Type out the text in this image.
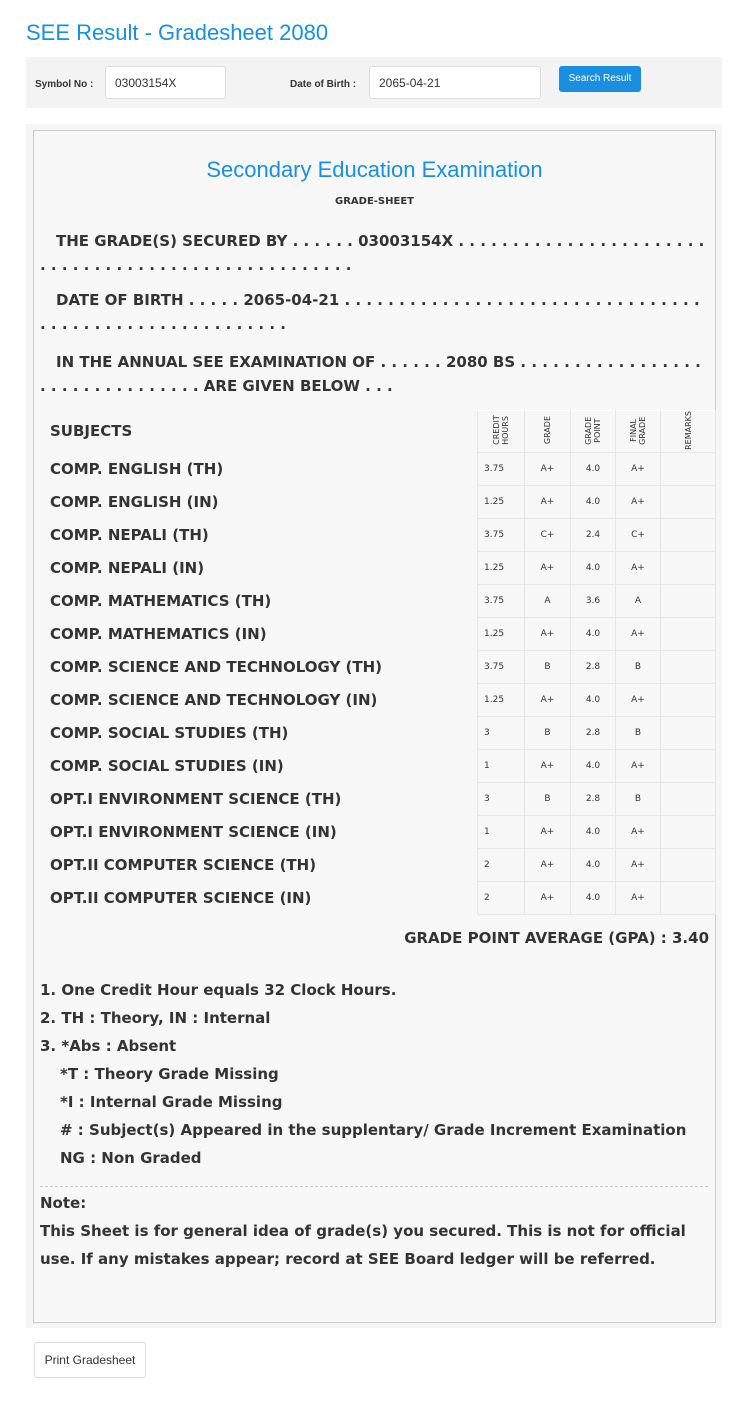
SEE Result - Gradesheet 2080
Symbol No :	03003154X	Date of Birth :	2065-04-21	Search Result
Secondary Education Examination
GRADE-SHEET
THE GRADE(S) SECURED BY . . . . . . 03003154X . . . . . . . . . . . . . . . . . . . . . . . . . . . . . . . . . . . . . . . . . . . . . . . . . . . .
DATE OF BIRTH . . . . . 2065-04-21 . . . . . . . . . . . . . . . . . . . . . . . . . . . . . . . . . . . . . . . . . . . . . . . . . . . . . . . .
IN THE ANNUAL SEE EXAMINATION OF . . . . . . 2080 BS . . . . . . . . . . . . . . . . . . . . . . . . . . . . . . . . ARE GIVEN BELOW . . .
SUBJECTS	CREDIT HOURS	GRADE	GRADE POINT	FINAL GRADE	REMARKS
COMP. ENGLISH (TH)	3.75	A+	4.0	A+	
COMP. ENGLISH (IN)	1.25	A+	4.0	A+	
COMP. NEPALI (TH)	3.75	C+	2.4	C+	
COMP. NEPALI (IN)	1.25	A+	4.0	A+	
COMP. MATHEMATICS (TH)	3.75	A	3.6	A	
COMP. MATHEMATICS (IN)	1.25	A+	4.0	A+	
COMP. SCIENCE AND TECHNOLOGY (TH)	3.75	B	2.8	B	
COMP. SCIENCE AND TECHNOLOGY (IN)	1.25	A+	4.0	A+	
COMP. SOCIAL STUDIES (TH)	3	B	2.8	B	
COMP. SOCIAL STUDIES (IN)	1	A+	4.0	A+	
OPT.I ENVIRONMENT SCIENCE (TH)	3	B	2.8	B	
OPT.I ENVIRONMENT SCIENCE (IN)	1	A+	4.0	A+	
OPT.II COMPUTER SCIENCE (TH)	2	A+	4.0	A+	
OPT.II COMPUTER SCIENCE (IN)	2	A+	4.0	A+	
GRADE POINT AVERAGE (GPA) : 3.40
1. One Credit Hour equals 32 Clock Hours.
2. TH : Theory, IN : Internal
3. *Abs : Absent
*T : Theory Grade Missing
*I : Internal Grade Missing
# : Subject(s) Appeared in the supplentary/ Grade Increment Examination
NG : Non Graded
Note:
This Sheet is for general idea of grade(s) you secured. This is not for official use. If any mistakes appear; record at SEE Board ledger will be referred.
Print Gradesheet
